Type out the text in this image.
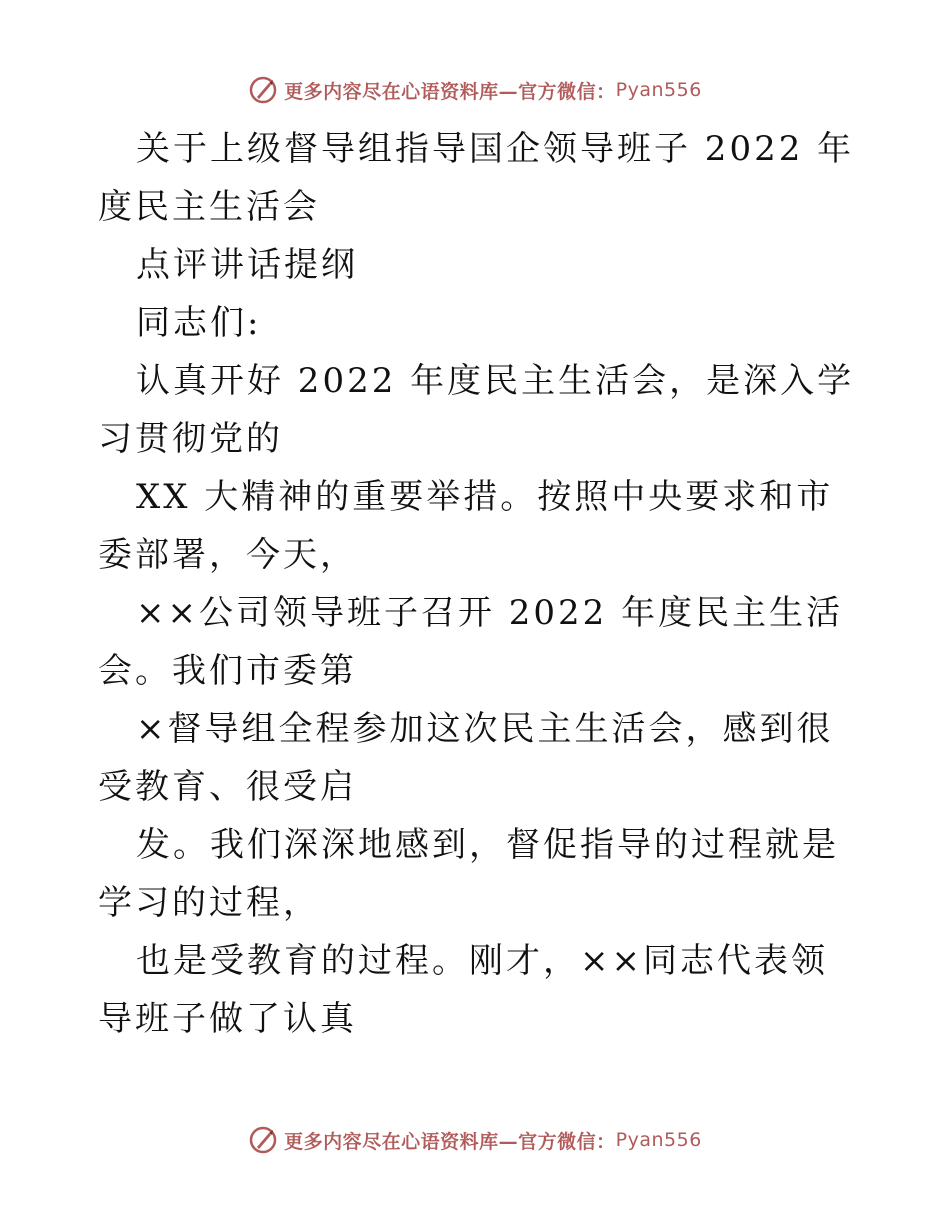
更多内容尽在心语资料库—官方微信： Pyan556

关于上级督导组指导国企领导班子 2022 年度民主生活会

点评讲话提纲

同志们:

认真开好 2022 年度民主生活会，是深入学习贯彻党的

XX 大精神的重要举措。按照中央要求和市委部署，今天，

××公司领导班子召开 2022 年度民主生活会。我们市委第

×督导组全程参加这次民主生活会，感到很受教育、很受启

发。我们深深地感到，督促指导的过程就是学习的过程，

也是受教育的过程。刚才，××同志代表领导班子做了认真

更多内容尽在心语资料库—官方微信： Pyan556
